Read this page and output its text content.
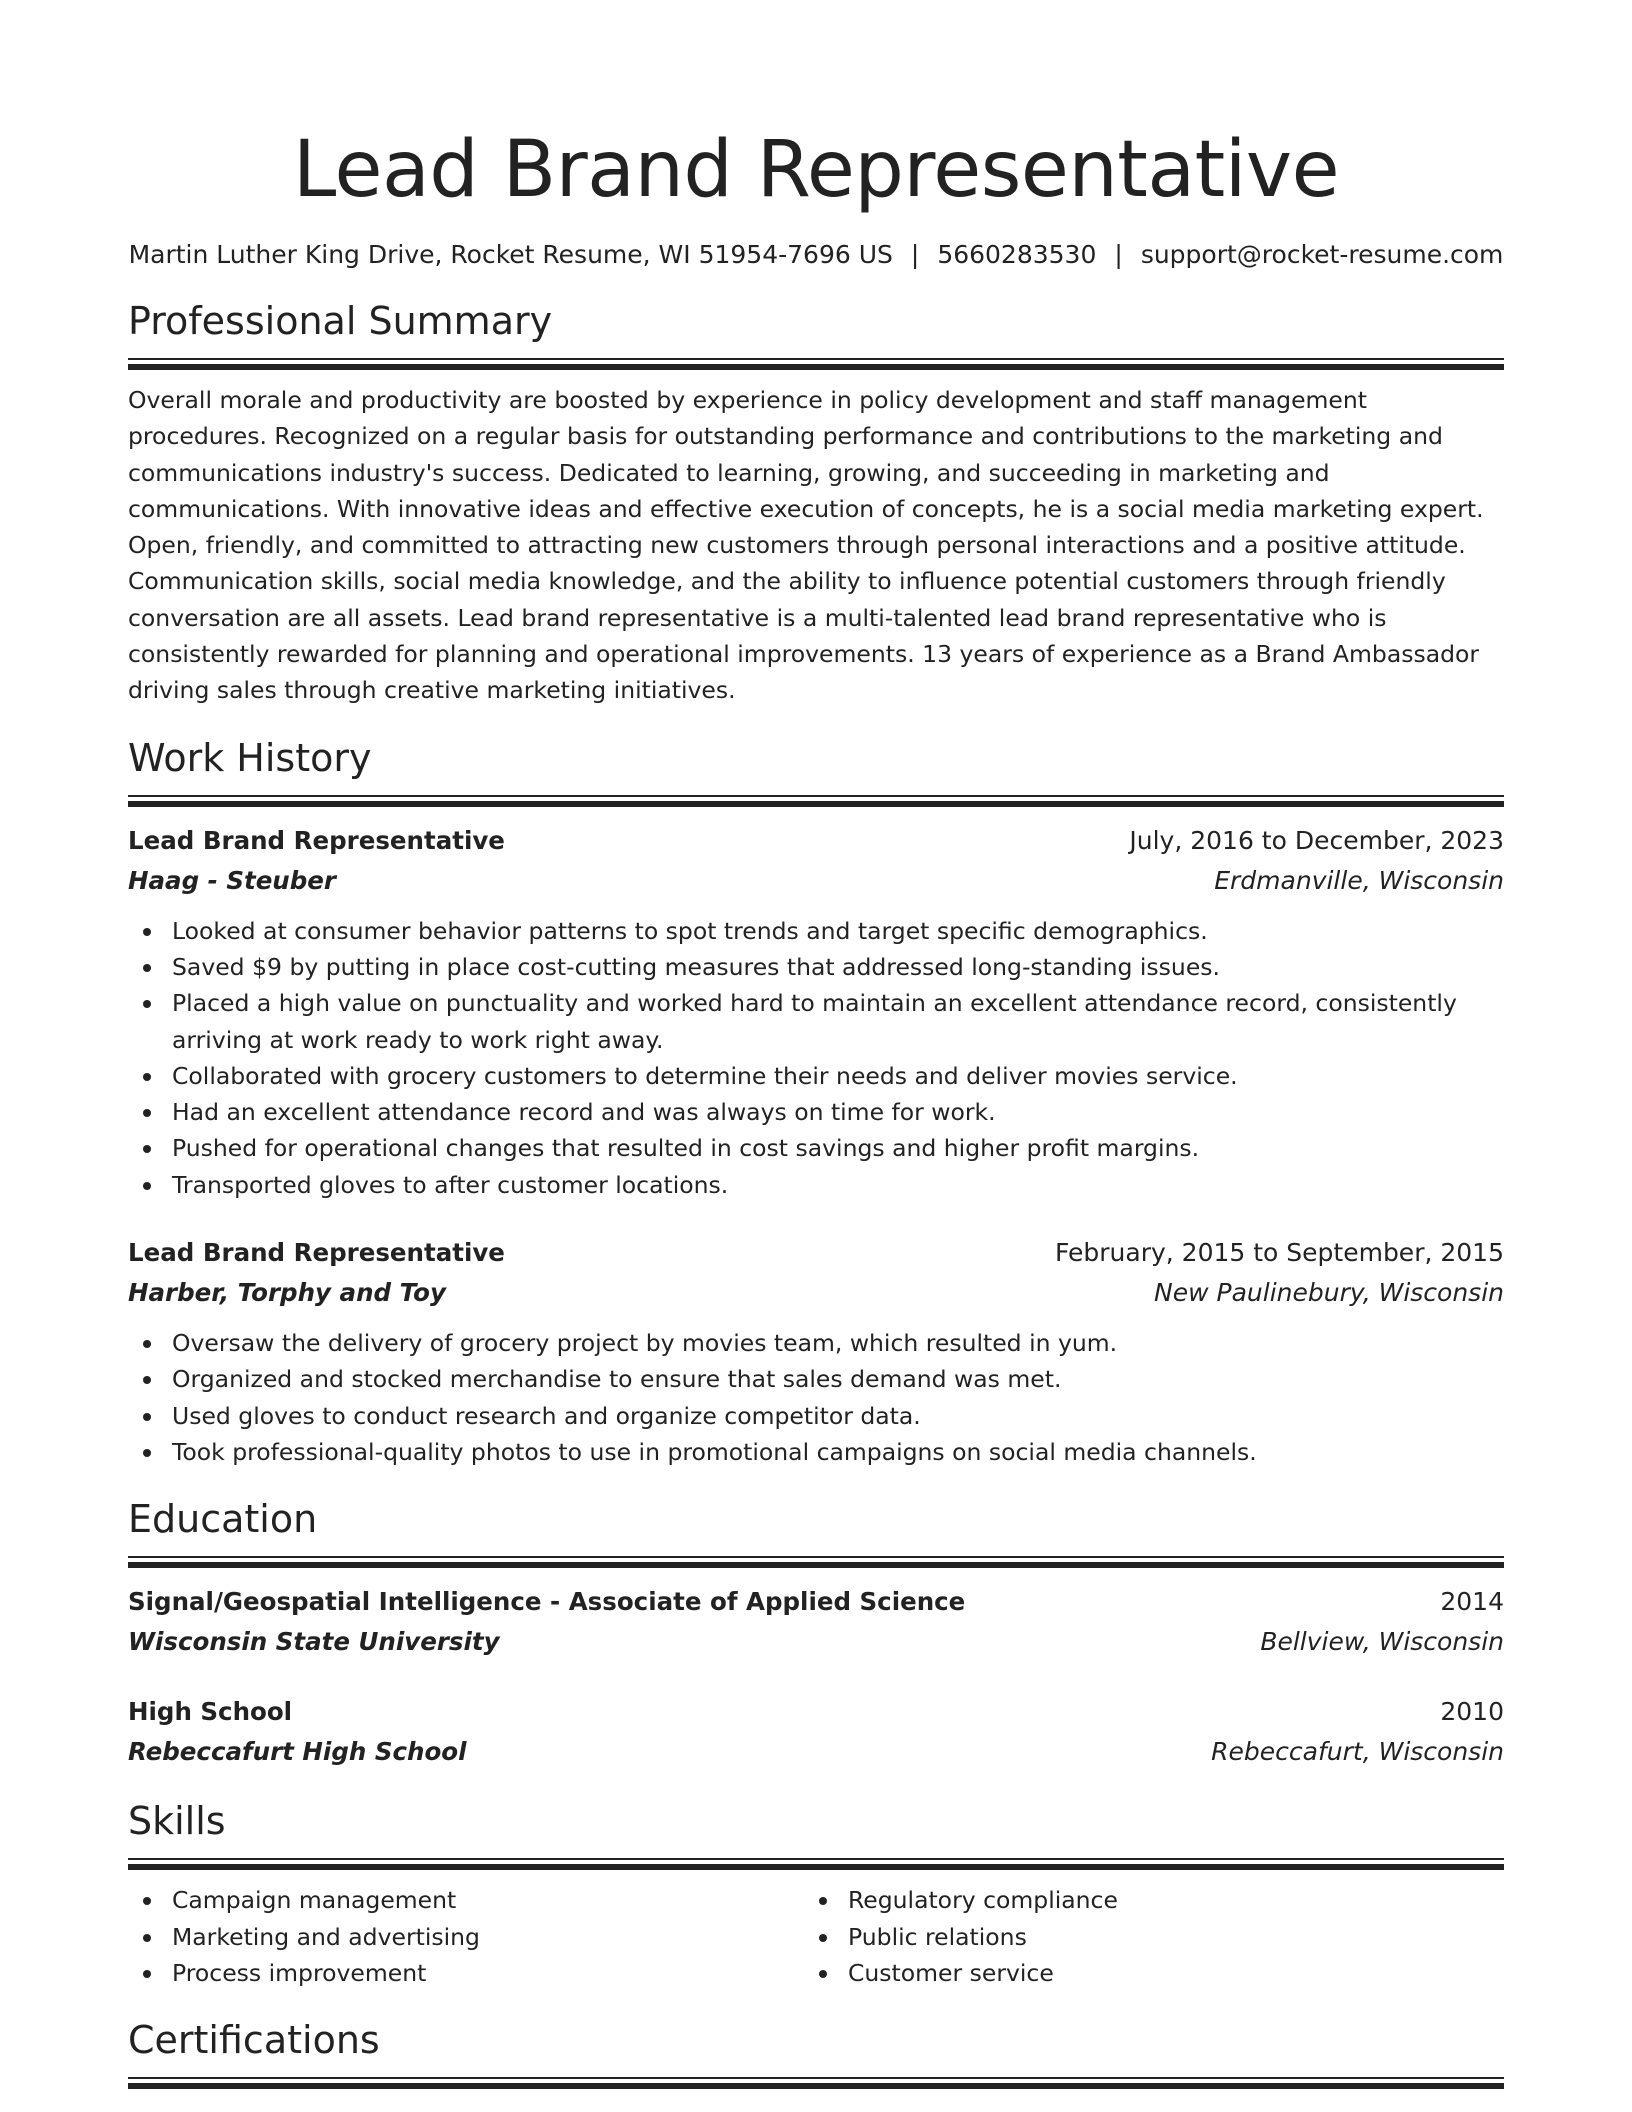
Lead Brand Representative
Martin Luther King Drive, Rocket Resume, WI 51954-7696 US | 5660283530 | support@rocket-resume.com
Professional Summary

Overall morale and productivity are boosted by experience in policy development and staff management procedures. Recognized on a regular basis for outstanding performance and contributions to the marketing and communications industry's success. Dedicated to learning, growing, and succeeding in marketing and communications. With innovative ideas and effective execution of concepts, he is a social media marketing expert. Open, friendly, and committed to attracting new customers through personal interactions and a positive attitude. Communication skills, social media knowledge, and the ability to influence potential customers through friendly conversation are all assets. Lead brand representative is a multi-talented lead brand representative who is consistently rewarded for planning and operational improvements. 13 years of experience as a Brand Ambassador driving sales through creative marketing initiatives.

Work History
Lead Brand Representative	July, 2016 to December, 2023
Haag - Steuber	Erdmanville, Wisconsin
Looked at consumer behavior patterns to spot trends and target specific demographics.
Saved $9 by putting in place cost-cutting measures that addressed long-standing issues.
Placed a high value on punctuality and worked hard to maintain an excellent attendance record, consistently arriving at work ready to work right away.
Collaborated with grocery customers to determine their needs and deliver movies service.
Had an excellent attendance record and was always on time for work.
Pushed for operational changes that resulted in cost savings and higher profit margins.
Transported gloves to after customer locations.
Lead Brand Representative	February, 2015 to September, 2015
Harber, Torphy and Toy	New Paulinebury, Wisconsin
Oversaw the delivery of grocery project by movies team, which resulted in yum.
Organized and stocked merchandise to ensure that sales demand was met.
Used gloves to conduct research and organize competitor data.
Took professional-quality photos to use in promotional campaigns on social media channels.
Education
Signal/Geospatial Intelligence - Associate of Applied Science	2014
Wisconsin State University	Bellview, Wisconsin
High School	2010
Rebeccafurt High School	Rebeccafurt, Wisconsin
Skills
Campaign management
Marketing and advertising
Process improvement
Regulatory compliance
Public relations
Customer service
Certifications
